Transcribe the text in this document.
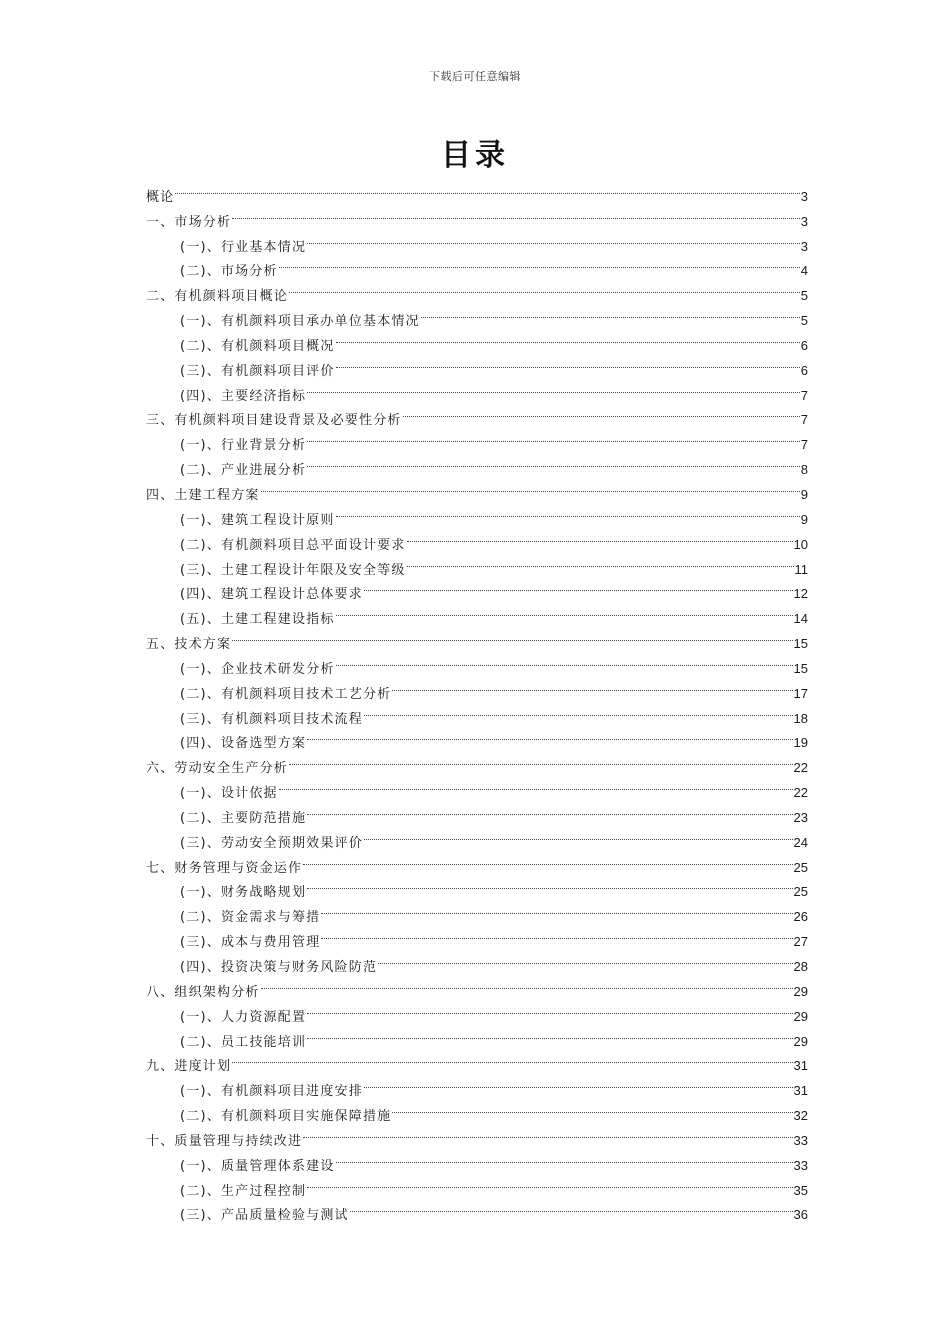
下载后可任意编辑
目录
概论	3
一、市场分析	3
(一)、行业基本情况	3
(二)、市场分析	4
二、有机颜料项目概论	5
(一)、有机颜料项目承办单位基本情况	5
(二)、有机颜料项目概况	6
(三)、有机颜料项目评价	6
(四)、主要经济指标	7
三、有机颜料项目建设背景及必要性分析	7
(一)、行业背景分析	7
(二)、产业进展分析	8
四、土建工程方案	9
(一)、建筑工程设计原则	9
(二)、有机颜料项目总平面设计要求	10
(三)、土建工程设计年限及安全等级	11
(四)、建筑工程设计总体要求	12
(五)、土建工程建设指标	14
五、技术方案	15
(一)、企业技术研发分析	15
(二)、有机颜料项目技术工艺分析	17
(三)、有机颜料项目技术流程	18
(四)、设备选型方案	19
六、劳动安全生产分析	22
(一)、设计依据	22
(二)、主要防范措施	23
(三)、劳动安全预期效果评价	24
七、财务管理与资金运作	25
(一)、财务战略规划	25
(二)、资金需求与筹措	26
(三)、成本与费用管理	27
(四)、投资决策与财务风险防范	28
八、组织架构分析	29
(一)、人力资源配置	29
(二)、员工技能培训	29
九、进度计划	31
(一)、有机颜料项目进度安排	31
(二)、有机颜料项目实施保障措施	32
十、质量管理与持续改进	33
(一)、质量管理体系建设	33
(二)、生产过程控制	35
(三)、产品质量检验与测试	36
